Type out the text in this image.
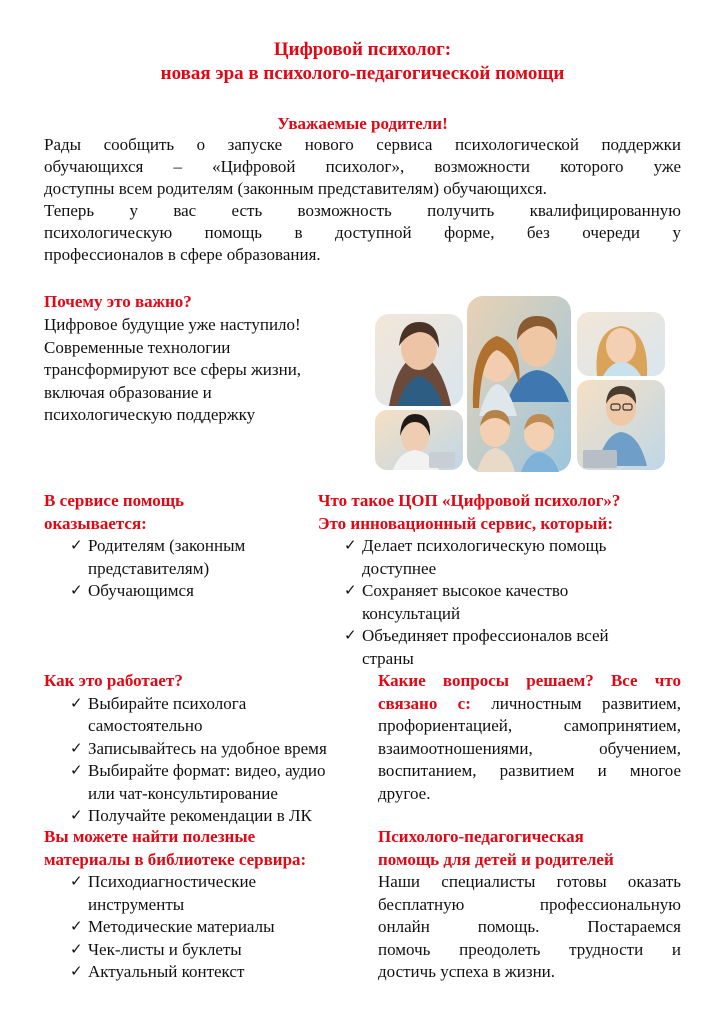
Цифровой психолог:
новая эра в психолого-педагогической помощи
Уважаемые родители!
Рады сообщить о запуске нового сервиса психологической поддержки
обучающихся – «Цифровой психолог», возможности которого уже
доступны всем родителям (законным представителям) обучающихся.
Теперь у вас есть возможность получить квалифицированную
психологическую помощь в доступной форме, без очереди у
профессионалов в сфере образования.
Почему это важно?
Цифровое будущие уже наступило!
Современные технологии
трансформируют все сферы жизни,
включая образование и
психологическую поддержку
В сервисе помощь
оказывается:
✓ Родителям (законным
представителям)
✓ Обучающимся
Что такое ЦОП «Цифровой психолог»?
Это инновационный сервис, который:
✓ Делает психологическую помощь
доступнее
✓ Сохраняет высокое качество
консультаций
✓ Объединяет профессионалов всей
страны
Как это работает?
✓ Выбирайте психолога
самостоятельно
✓ Записывайтесь на удобное время
✓ Выбирайте формат: видео, аудио
или чат-консультирование
✓ Получайте рекомендации в ЛК
Какие вопросы решаем? Все что
связано с: личностным развитием,
профориентацией, самопринятием,
взаимоотношениями, обучением,
воспитанием, развитием и многое
другое.
Вы можете найти полезные
материалы в библиотеке сервира:
✓ Психодиагностические
инструменты
✓ Методические материалы
✓ Чек-листы и буклеты
✓ Актуальный контекст
Психолого-педагогическая
помощь для детей и родителей
Наши специалисты готовы оказать
бесплатную профессиональную
онлайн помощь. Постараемся
помочь преодолеть трудности и
достичь успеха в жизни.
